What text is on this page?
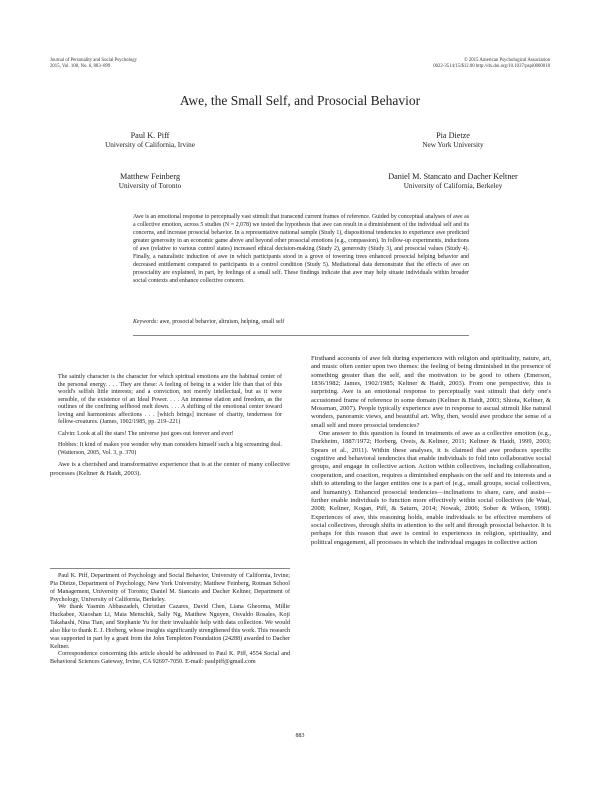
Journal of Personality and Social Psychology
2015, Vol. 108, No. 6, 883–899
© 2015 American Psychological Association
0022-3514/15/$12.00 http://dx.doi.org/10.1037/pspi0000018
Awe, the Small Self, and Prosocial Behavior
Paul K. Piff
University of California, Irvine
Pia Dietze
New York University
Matthew Feinberg
University of Toronto
Daniel M. Stancato and Dacher Keltner
University of California, Berkeley

Awe is an emotional response to perceptually vast stimuli that transcend current frames of reference. Guided by conceptual analyses of awe as a collective emotion, across 5 studies (N = 2,078) we tested the hypothesis that awe can result in a diminishment of the individual self and its concerns, and increase prosocial behavior. In a representative national sample (Study 1), dispositional tendencies to experience awe predicted greater generosity in an economic game above and beyond other prosocial emotions (e.g., compassion). In follow-up experiments, inductions of awe (relative to various control states) increased ethical decision-making (Study 2), generosity (Study 3), and prosocial values (Study 4). Finally, a naturalistic induction of awe in which participants stood in a grove of towering trees enhanced prosocial helping behavior and decreased entitlement compared to participants in a control condition (Study 5). Mediational data demonstrate that the effects of awe on prosociality are explained, in part, by feelings of a small self. These findings indicate that awe may help situate individuals within broader social contexts and enhance collective concern.

Keywords: awe, prosocial behavior, altruism, helping, small self

The saintly character is the character for which spiritual emotions are the habitual center of the personal energy. . . . They are these: A feeling of being in a wider life than that of this world's selfish little interests; and a conviction, not merely intellectual, but as it were sensible, of the existence of an Ideal Power. . . . An immense elation and freedom, as the outlines of the confining selfhood melt down. . . . A shifting of the emotional center toward loving and harmonious affections . . . [which brings] increase of charity, tenderness for fellow-creatures. (James, 1902/1985, pp. 219–221)

Calvin: Look at all the stars! The universe just goes out forever and ever!

Hobbes: It kind of makes you wonder why man considers himself such a big screaming deal. (Watterson, 2005, Vol. 3, p. 370)

Awe is a cherished and transformative experience that is at the center of many collective processes (Keltner & Haidt, 2003).

Paul K. Piff, Department of Psychology and Social Behavior, University of California, Irvine; Pia Dietze, Department of Psychology, New York University; Matthew Feinberg, Rotman School of Management, University of Toronto; Daniel M. Stancato and Dacher Keltner, Department of Psychology, University of California, Berkeley.

We thank Yasmin Abbaszadeh, Christian Cazares, David Chen, Liana Gheorma, Millie Huckabee, Xiaoshan Li, Maia Menschik, Sally Ng, Matthew Nguyen, Osvaldo Rosales, Koji Takahashi, Nina Tian, and Stephanie Yu for their invaluable help with data collection. We would also like to thank E. J. Horberg, whose insights significantly strengthened this work. This research was supported in part by a grant from the John Templeton Foundation (24288) awarded to Dacher Keltner.

Correspondence concerning this article should be addressed to Paul K. Piff, 4554 Social and Behavioral Sciences Gateway, Irvine, CA 92697-7050. E-mail: paulpiff@gmail.com

Firsthand accounts of awe felt during experiences with religion and spirituality, nature, art, and music often center upon two themes: the feeling of being diminished in the presence of something greater than the self, and the motivation to be good to others (Emerson, 1836/1982; James, 1902/1985; Keltner & Haidt, 2003). From one perspective, this is surprising. Awe is an emotional response to perceptually vast stimuli that defy one's accustomed frame of reference in some domain (Keltner & Haidt, 2003; Shiota, Keltner, & Mossman, 2007). People typically experience awe in response to ascual stimuli like natural wonders, panoramic views, and beautiful art. Why, then, would awe produce the sense of a small self and more prosocial tendencies?

One answer to this question is found in treatments of awe as a collective emotion (e.g., Durkheim, 1887/1972; Horberg, Oveis, & Keltner, 2011; Keltner & Haidt, 1999, 2003; Spears et al., 2011). Within these analyses, it is claimed that awe produces specific cognitive and behavioral tendencies that enable individuals to fold into collaborative social groups, and engage in collective action. Action within collectives, including collaboration, cooperation, and coaction, requires a diminished emphasis on the self and its interests and a shift to attending to the larger entities one is a part of (e.g., small groups, social collectives, and humanity). Enhanced prosocial tendencies—inclinations to share, care, and assist—further enable individuals to function more effectively within social collectives (de Waal, 2008; Keltner, Kogan, Piff, & Saturn, 2014; Nowak, 2006; Sober & Wilson, 1998). Experiences of awe, this reasoning holds, enable individuals to be effective members of social collectives, through shifts in attention to the self and through prosocial behavior. It is perhaps for this reason that awe is central to experiences in religion, spirituality, and political engagement, all processes in which the individual engages in collective action

883
